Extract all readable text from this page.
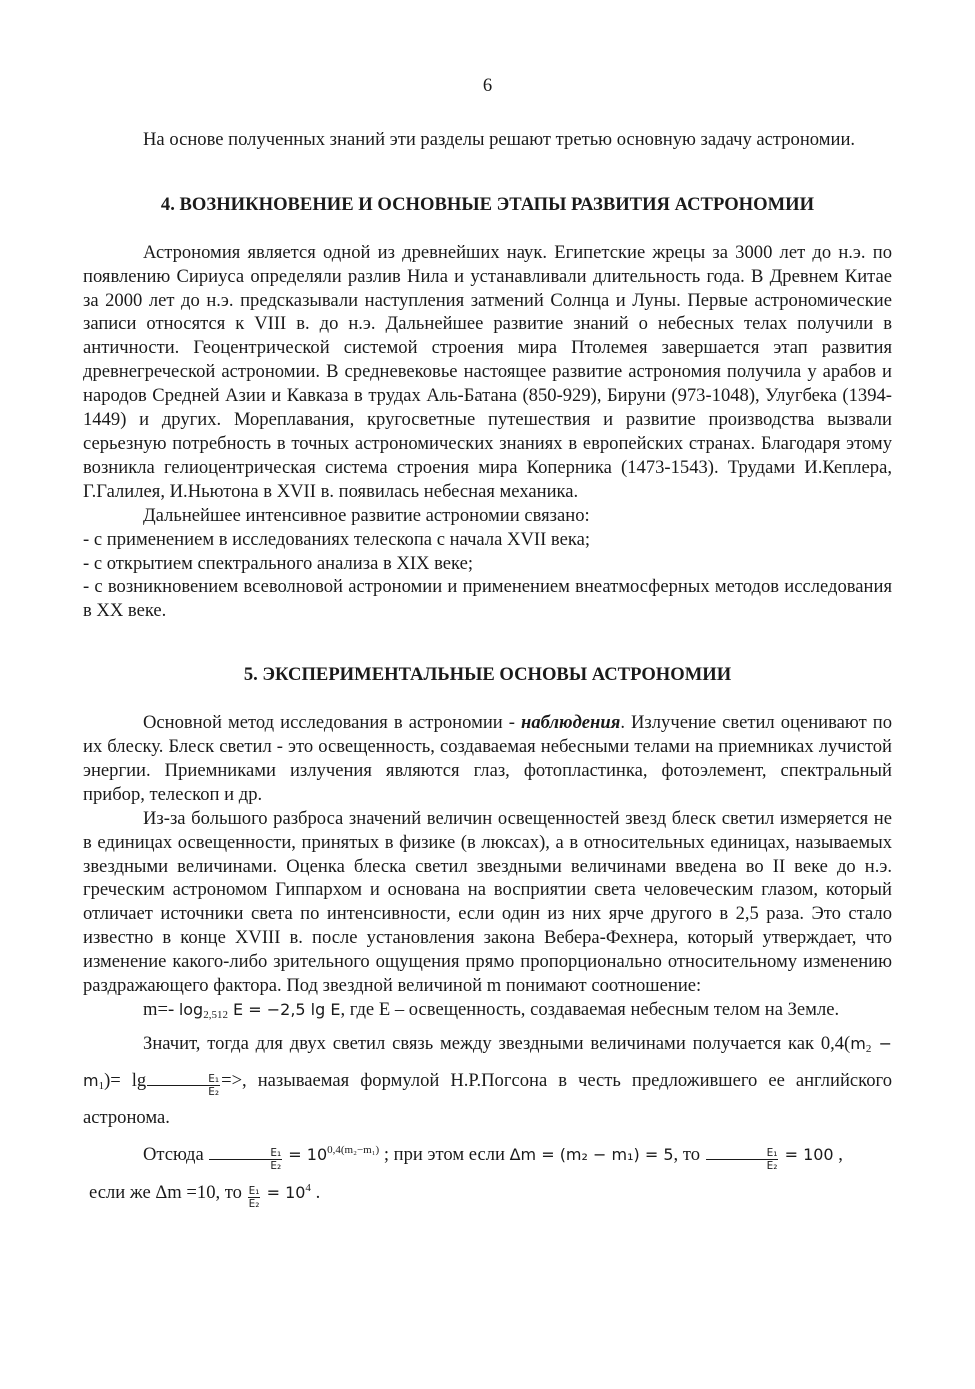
6

На основе полученных знаний эти разделы решают третью основную задачу астрономии.

4. ВОЗНИКНОВЕНИЕ И ОСНОВНЫЕ ЭТАПЫ РАЗВИТИЯ АСТРОНОМИИ

Астрономия является одной из древнейших наук. Египетские жрецы за 3000 лет до н.э. по появлению Сириуса определяли разлив Нила и устанавливали длительность года. В Древнем Китае за 2000 лет до н.э. предсказывали наступления затмений Солнца и Луны. Первые астрономические записи относятся к VIII в. до н.э. Дальнейшее развитие знаний о небесных телах получили в античности. Геоцентрической системой строения мира Птолемея завершается этап развития древнегреческой астрономии. В средневековье настоящее развитие астрономия получила у арабов и народов Средней Азии и Кавказа в трудах Аль-Батана (850-929), Бируни (973-1048), Улугбека (1394-1449) и других. Мореплавания, кругосветные путешествия и развитие производства вызвали серьезную потребность в точных астрономических знаниях в европейских странах. Благодаря этому возникла гелиоцентрическая система строения мира Коперника (1473-1543). Трудами И.Кеплера, Г.Галилея, И.Ньютона в XVII в. появилась небесная механика.

Дальнейшее интенсивное развитие астрономии связано:

- с применением в исследованиях телескопа с начала XVII века;

- с открытием спектрального анализа в XIX веке;

- с возникновением всеволновой астрономии и применением внеатмосферных методов исследования в XX веке.

5. ЭКСПЕРИМЕНТАЛЬНЫЕ ОСНОВЫ АСТРОНОМИИ

Основной метод исследования в астрономии - наблюдения. Излучение светил оценивают по их блеску. Блеск светил - это освещенность, создаваемая небесными телами на приемниках лучистой энергии. Приемниками излучения являются глаз, фотопластинка, фотоэлемент, спектральный прибор, телескоп и др.

Из-за большого разброса значений величин освещенностей звезд блеск светил измеряется не в единицах освещенности, принятых в физике (в люксах), а в относительных единицах, называемых звездными величинами. Оценка блеска светил звездными величинами введена во II веке до н.э. греческим астрономом Гиппархом и основана на восприятии света человеческим глазом, который отличает источники света по интенсивности, если один из них ярче другого в 2,5 раза. Это стало известно в конце XVIII в. после установления закона Вебера-Фехнера, который утверждает, что изменение какого-либо зрительного ощущения прямо пропорционально относительному изменению раздражающего фактора. Под звездной величиной m понимают соотношение:

m=- $\log_{2,512} E = -2,5$ lg E, где Е – освещенность, создаваемая небесным телом на Земле.

Значит, тогда для двух светил связь между звездными величинами получается как $0,4(m_2 - m_1)= \lg \frac{\text{E₁}}{\text{E₂}}$ =>, называемая формулой Н.Р.Погсона в честь предложившего ее английского астронома.

Отсюда $\frac{\text{E₁}}{\text{E₂}} = 10^{0,4(m_2-m_1)}$ ; при этом если Δm = (m₂ − m₁) = 5, то $\frac{\text{E₁}}{\text{E₂}} = 100$ ,

если же Δm =10, то $\frac{\text{E₁}}{\text{E₂}} = 10^4$ .
